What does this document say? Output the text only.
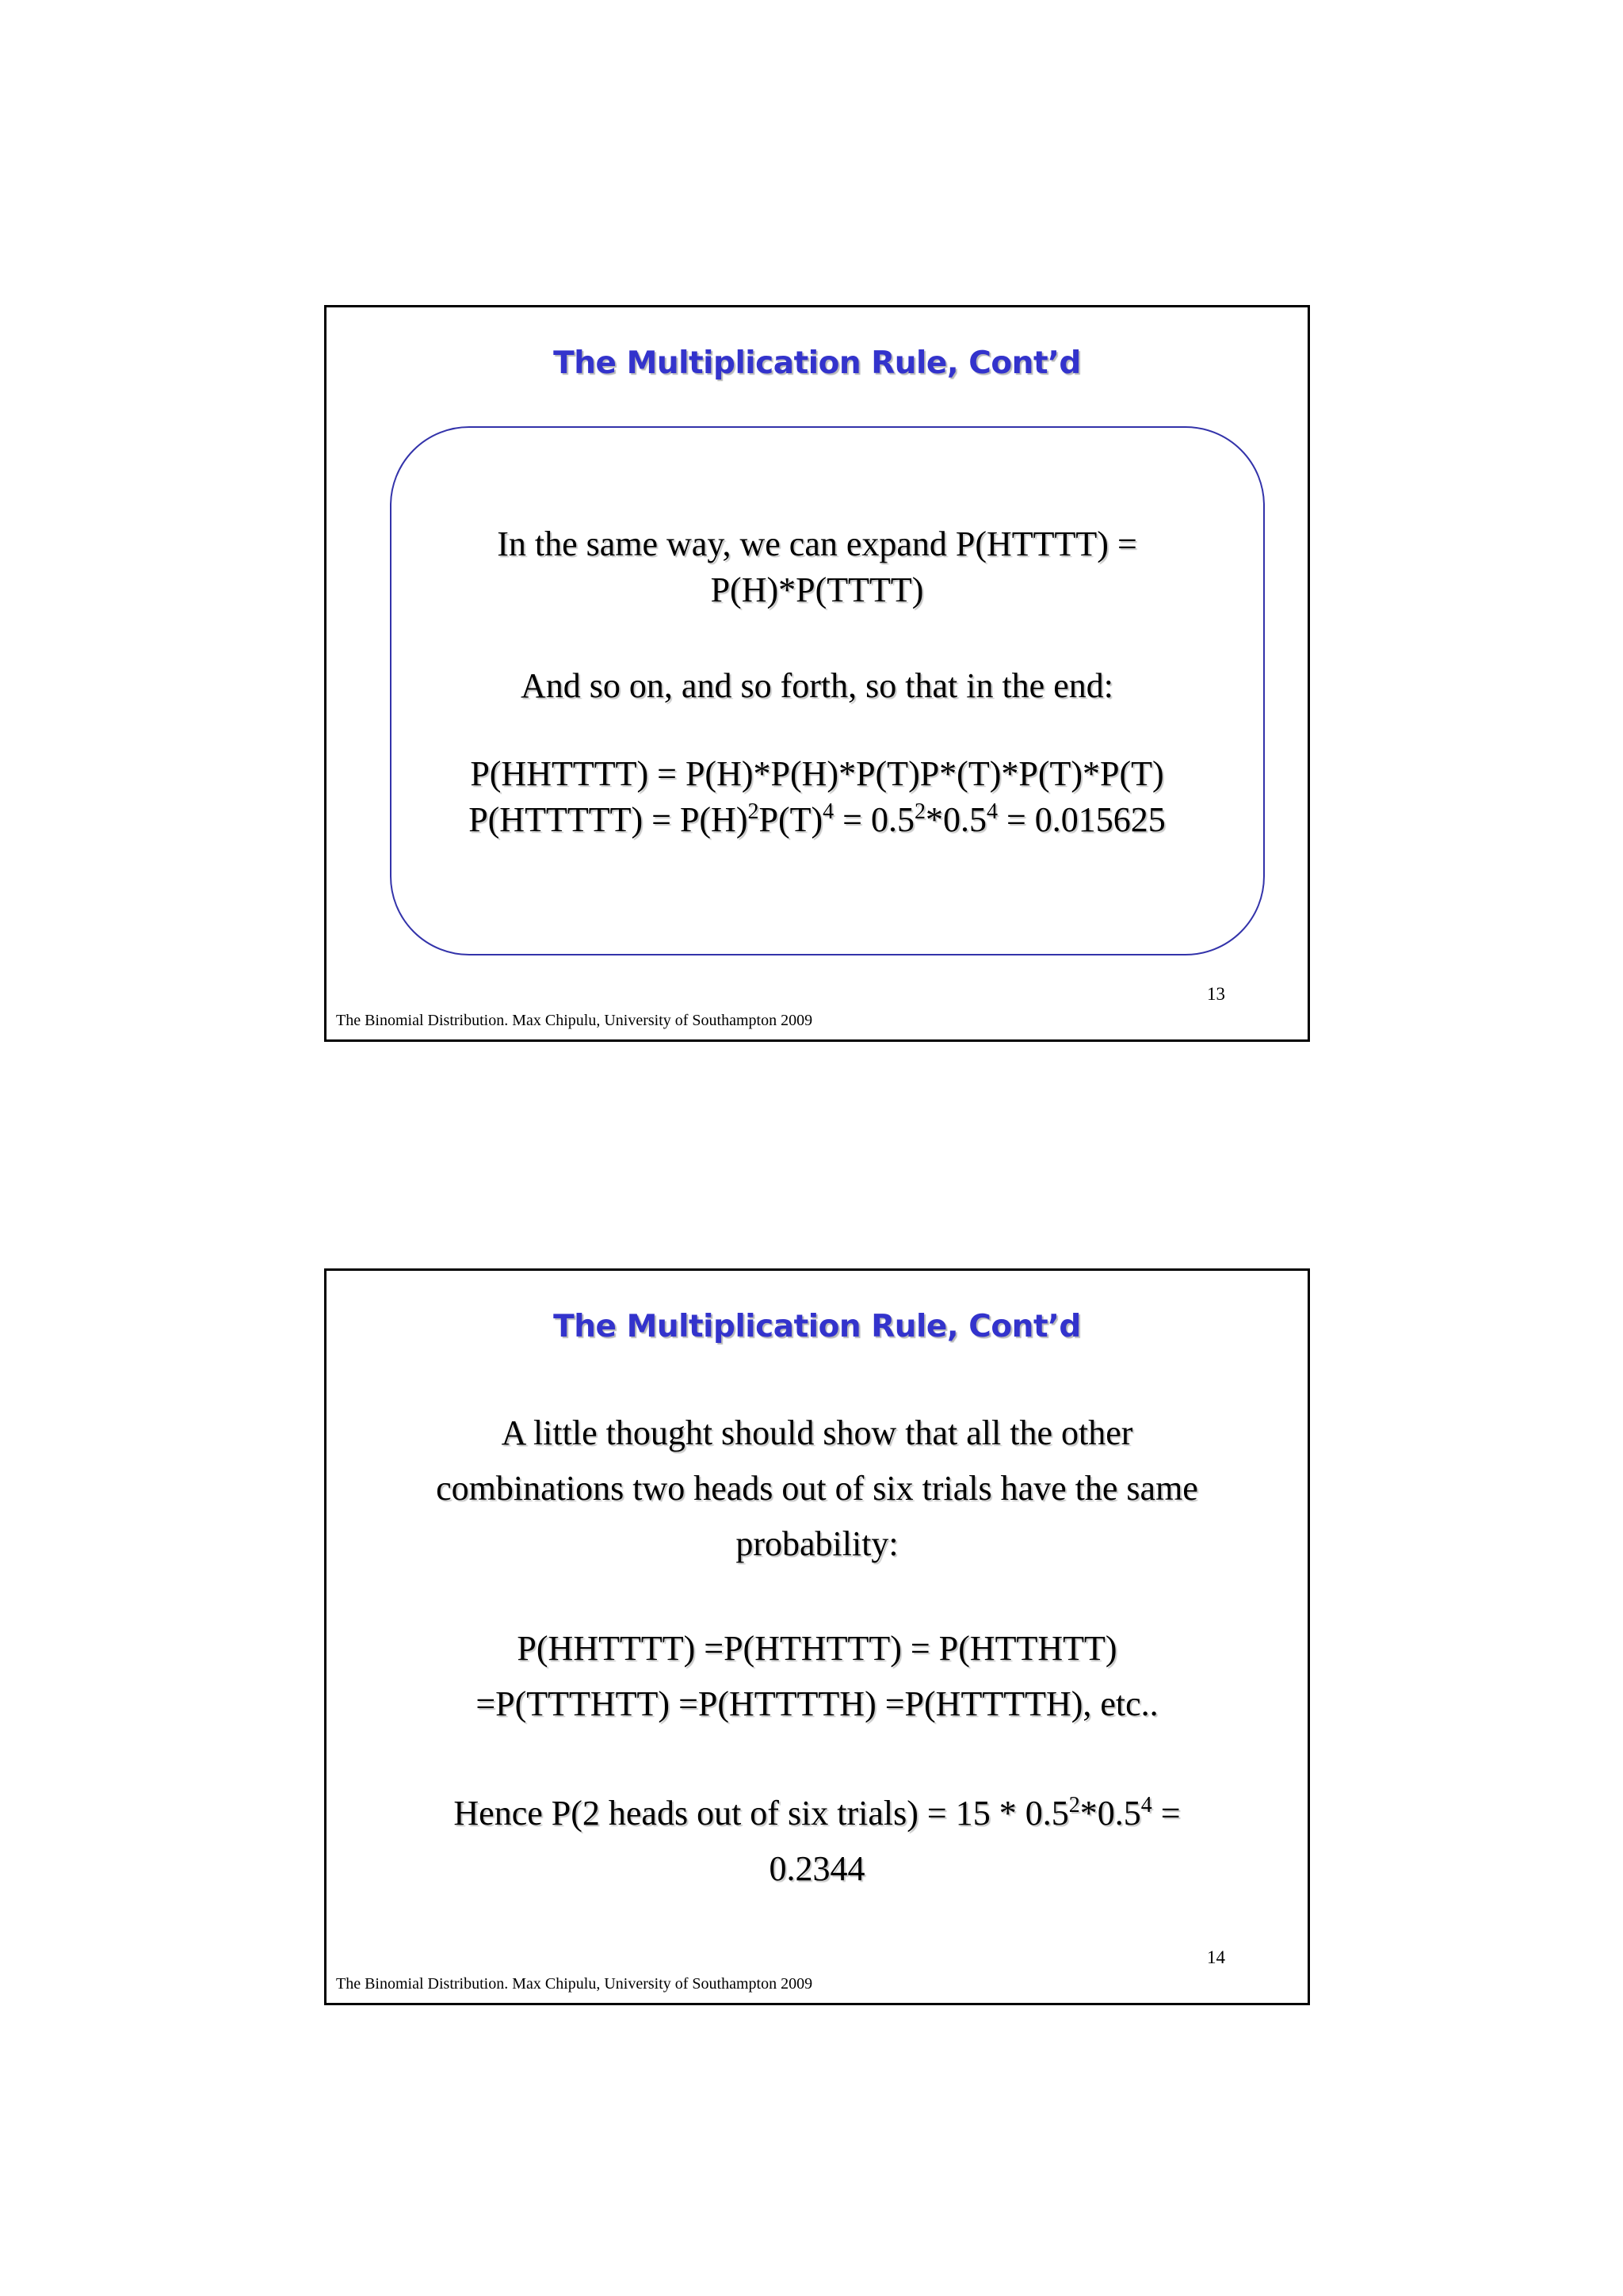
The Multiplication Rule, Cont’d

In the same way, we can expand P(HTTTT) =

P(H)*P(TTTT)

And so on, and so forth, so that in the end:

P(HHTTTT) = P(H)*P(H)*P(T)P*(T)*P(T)*P(T)

P(HTTTTT) = $P(H)^2P(T)^4 = 0.5^2*0.5^4 = 0.015625$

13
The Binomial Distribution. Max Chipulu, University of Southampton 2009
The Multiplication Rule, Cont’d

A little thought should show that all the other

combinations two heads out of six trials have the same

probability:

P(HHTTTT) =P(HTHTTT) = P(HTTHTT)

=P(TTTHTT) =P(HTTTTH) =P(HTTTTH), etc..

Hence P(2 heads out of six trials) = $15 * 0.5^2*0.5^4$ =

0.2344

14
The Binomial Distribution. Max Chipulu, University of Southampton 2009
